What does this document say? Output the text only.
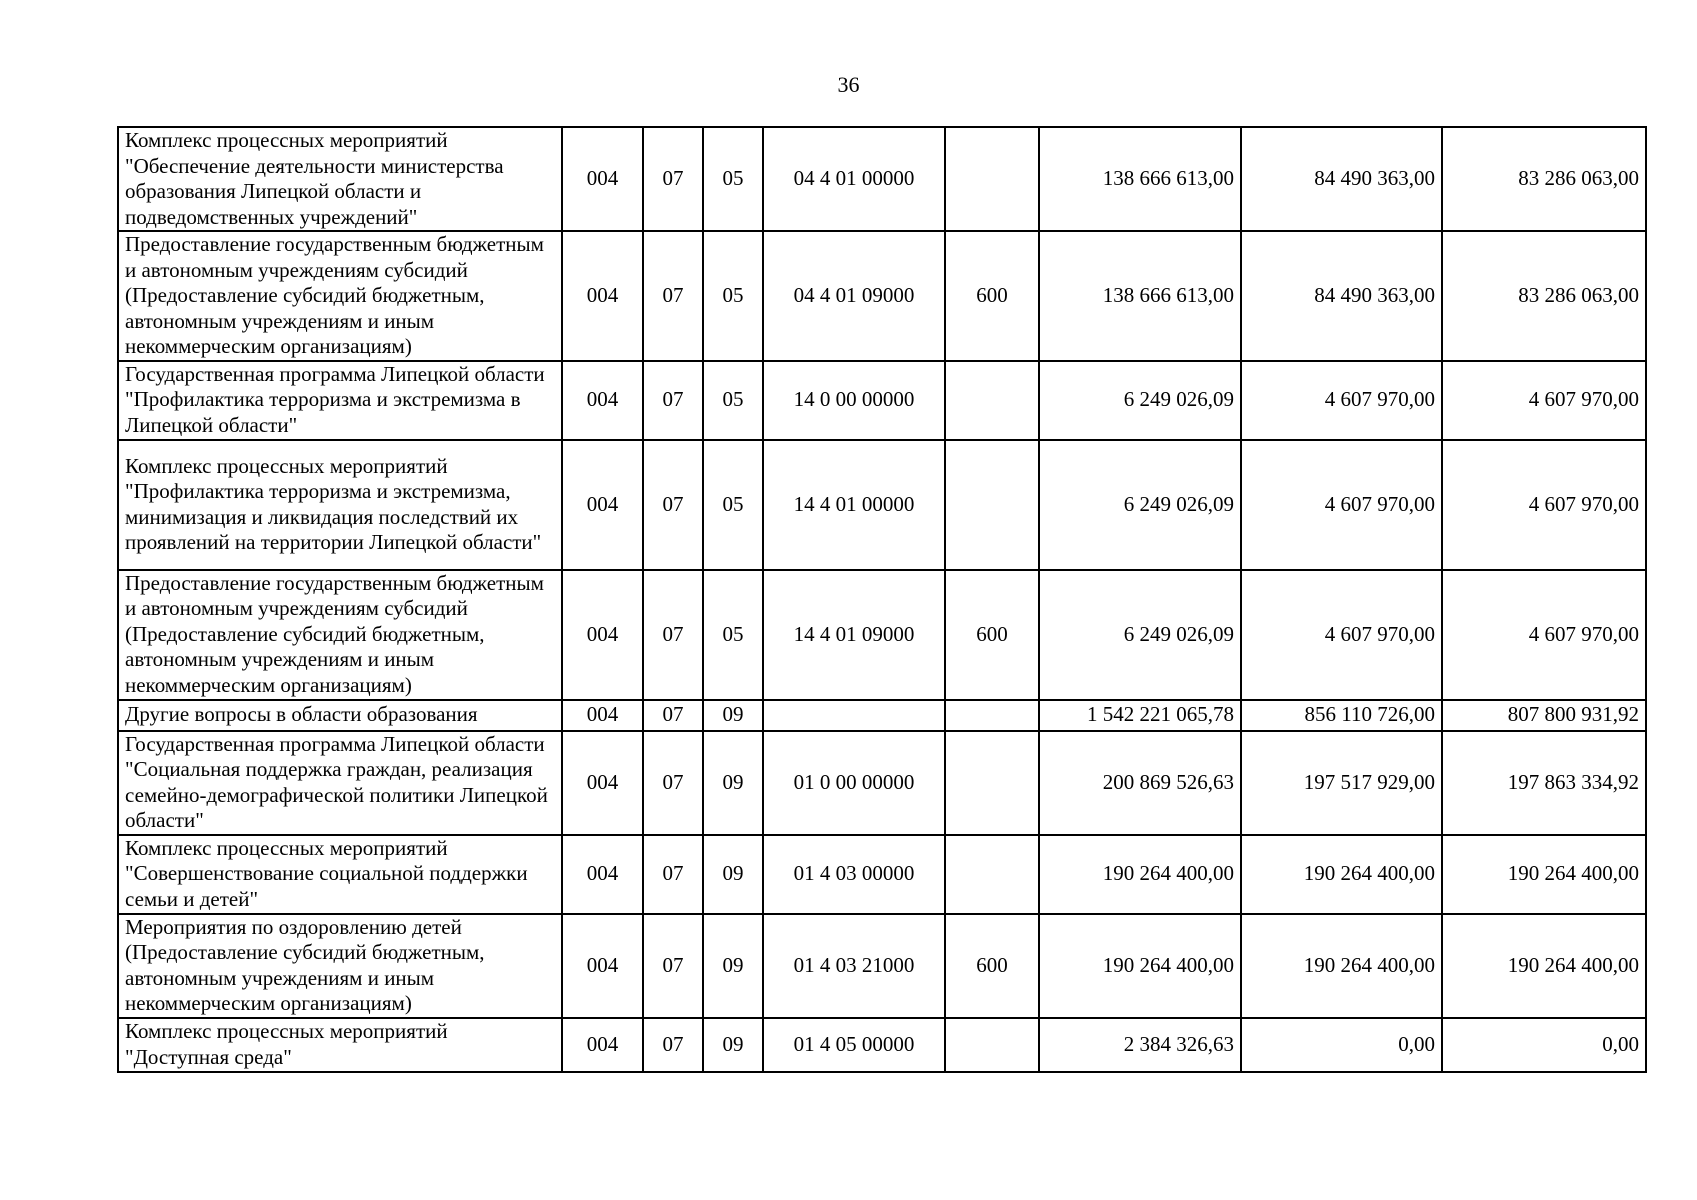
36
Комплекс процессных мероприятий "Обеспечение деятельности министерства образования Липецкой области и подведомственных учреждений"	004	07	05	04 4 01 00000		138 666 613,00	84 490 363,00	83 286 063,00
Предоставление государственным бюджетным и автономным учреждениям субсидий (Предоставление субсидий бюджетным, автономным учреждениям и иным некоммерческим организациям)	004	07	05	04 4 01 09000	600	138 666 613,00	84 490 363,00	83 286 063,00
Государственная программа Липецкой области "Профилактика терроризма и экстремизма в Липецкой области"	004	07	05	14 0 00 00000		6 249 026,09	4 607 970,00	4 607 970,00
Комплекс процессных мероприятий "Профилактика терроризма и экстремизма, минимизация и ликвидация последствий их проявлений на территории Липецкой области"	004	07	05	14 4 01 00000		6 249 026,09	4 607 970,00	4 607 970,00
Предоставление государственным бюджетным и автономным учреждениям субсидий (Предоставление субсидий бюджетным, автономным учреждениям и иным некоммерческим организациям)	004	07	05	14 4 01 09000	600	6 249 026,09	4 607 970,00	4 607 970,00
Другие вопросы в области образования	004	07	09			1 542 221 065,78	856 110 726,00	807 800 931,92
Государственная программа Липецкой области "Социальная поддержка граждан, реализация семейно-демографической политики Липецкой области"	004	07	09	01 0 00 00000		200 869 526,63	197 517 929,00	197 863 334,92
Комплекс процессных мероприятий "Совершенствование социальной поддержки семьи и детей"	004	07	09	01 4 03 00000		190 264 400,00	190 264 400,00	190 264 400,00
Мероприятия по оздоровлению детей (Предоставление субсидий бюджетным, автономным учреждениям и иным некоммерческим организациям)	004	07	09	01 4 03 21000	600	190 264 400,00	190 264 400,00	190 264 400,00
Комплекс процессных мероприятий "Доступная среда"	004	07	09	01 4 05 00000		2 384 326,63	0,00	0,00
